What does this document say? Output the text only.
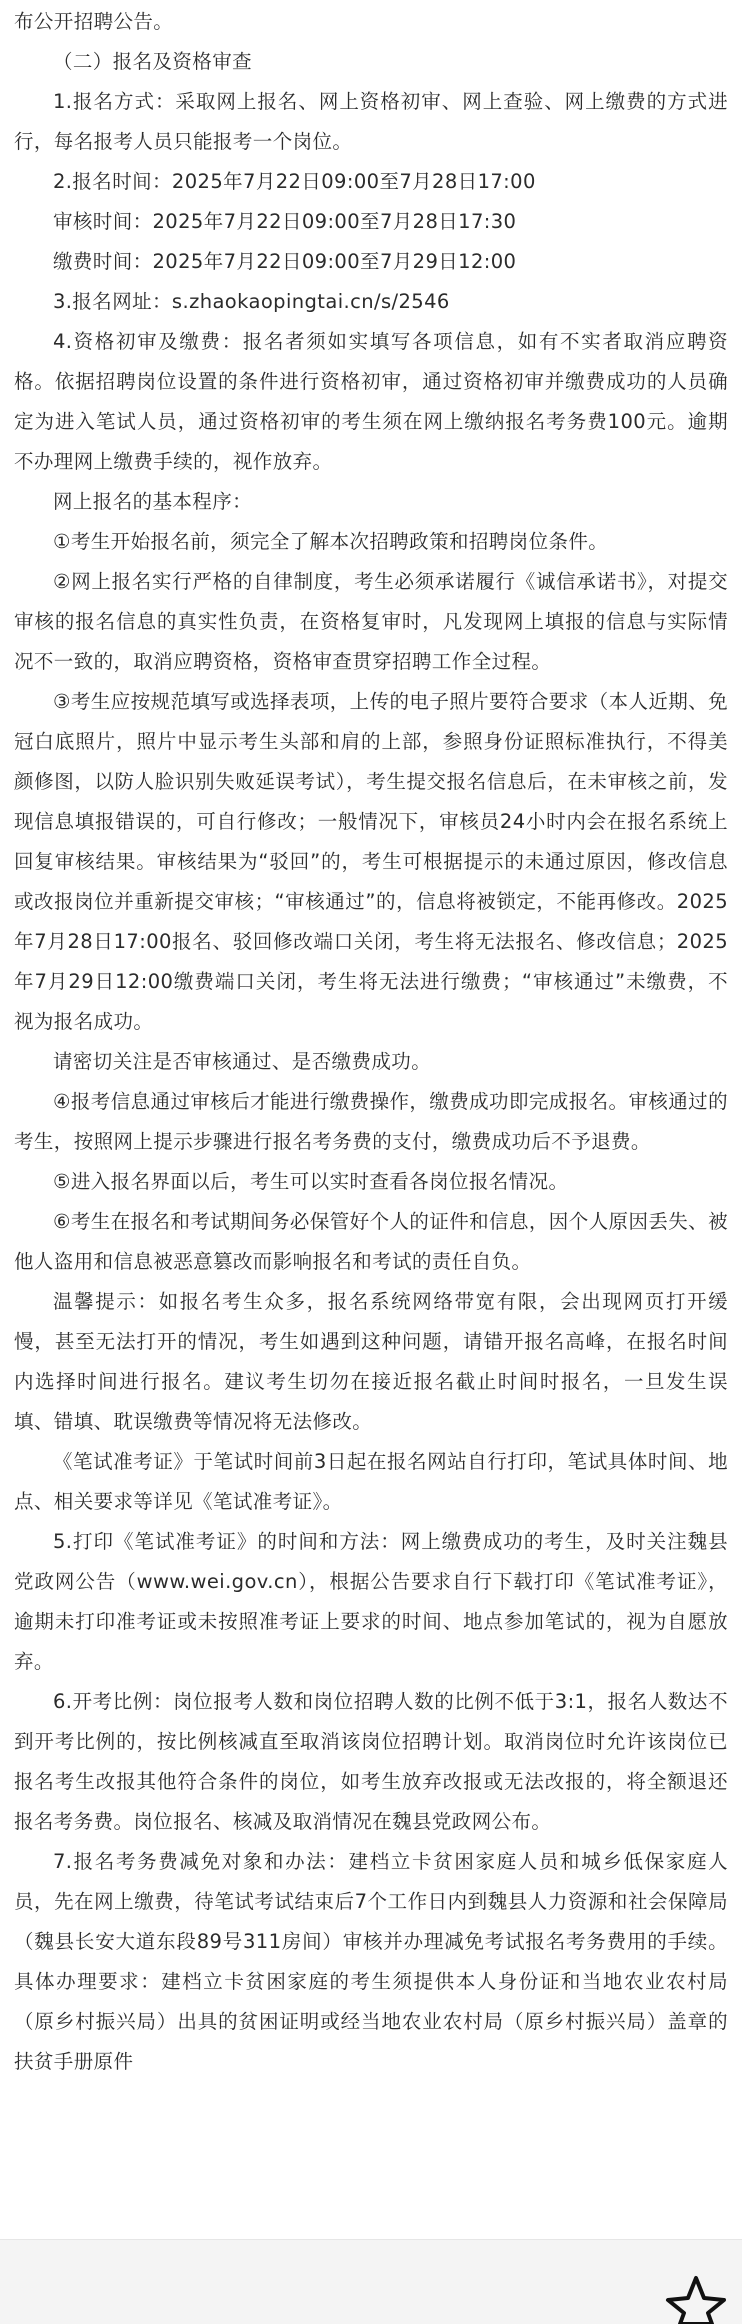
布公开招聘公告。

（二）报名及资格审查

1.报名方式：采取网上报名、网上资格初审、网上查验、网上缴费的方式进行，每名报考人员只能报考一个岗位。

2.报名时间：2025年7月22日09:00至7月28日17:00

审核时间：2025年7月22日09:00至7月28日17:30

缴费时间：2025年7月22日09:00至7月29日12:00

3.报名网址：s.zhaokaopingtai.cn/s/2546

4.资格初审及缴费：报名者须如实填写各项信息，如有不实者取消应聘资格。依据招聘岗位设置的条件进行资格初审，通过资格初审并缴费成功的人员确定为进入笔试人员，通过资格初审的考生须在网上缴纳报名考务费100元。逾期不办理网上缴费手续的，视作放弃。

网上报名的基本程序：

①考生开始报名前，须完全了解本次招聘政策和招聘岗位条件。

②网上报名实行严格的自律制度，考生必须承诺履行《诚信承诺书》，对提交审核的报名信息的真实性负责，在资格复审时，凡发现网上填报的信息与实际情况不一致的，取消应聘资格，资格审查贯穿招聘工作全过程。

③考生应按规范填写或选择表项，上传的电子照片要符合要求（本人近期、免冠白底照片，照片中显示考生头部和肩的上部，参照身份证照标准执行，不得美颜修图，以防人脸识别失败延误考试），考生提交报名信息后，在未审核之前，发现信息填报错误的，可自行修改；一般情况下，审核员24小时内会在报名系统上回复审核结果。审核结果为“驳回”的，考生可根据提示的未通过原因，修改信息或改报岗位并重新提交审核；“审核通过”的，信息将被锁定，不能再修改。2025年7月28日17:00报名、驳回修改端口关闭，考生将无法报名、修改信息；2025年7月29日12:00缴费端口关闭，考生将无法进行缴费；“审核通过”未缴费，不视为报名成功。

请密切关注是否审核通过、是否缴费成功。

④报考信息通过审核后才能进行缴费操作，缴费成功即完成报名。审核通过的考生，按照网上提示步骤进行报名考务费的支付，缴费成功后不予退费。

⑤进入报名界面以后，考生可以实时查看各岗位报名情况。

⑥考生在报名和考试期间务必保管好个人的证件和信息，因个人原因丢失、被他人盗用和信息被恶意篡改而影响报名和考试的责任自负。

温馨提示：如报名考生众多，报名系统网络带宽有限，会出现网页打开缓慢，甚至无法打开的情况，考生如遇到这种问题，请错开报名高峰，在报名时间内选择时间进行报名。建议考生切勿在接近报名截止时间时报名，一旦发生误填、错填、耽误缴费等情况将无法修改。

《笔试准考证》于笔试时间前3日起在报名网站自行打印，笔试具体时间、地点、相关要求等详见《笔试准考证》。

5.打印《笔试准考证》的时间和方法：网上缴费成功的考生，及时关注魏县党政网公告（www.wei.gov.cn），根据公告要求自行下载打印《笔试准考证》，逾期未打印准考证或未按照准考证上要求的时间、地点参加笔试的，视为自愿放弃。

6.开考比例：岗位报考人数和岗位招聘人数的比例不低于3:1，报名人数达不到开考比例的，按比例核减直至取消该岗位招聘计划。取消岗位时允许该岗位已报名考生改报其他符合条件的岗位，如考生放弃改报或无法改报的，将全额退还报名考务费。岗位报名、核减及取消情况在魏县党政网公布。

7.报名考务费减免对象和办法：建档立卡贫困家庭人员和城乡低保家庭人员，先在网上缴费，待笔试考试结束后7个工作日内到魏县人力资源和社会保障局（魏县长安大道东段89号311房间）审核并办理减免考试报名考务费用的手续。具体办理要求：建档立卡贫困家庭的考生须提供本人身份证和当地农业农村局（原乡村振兴局）出具的贫困证明或经当地农业农村局（原乡村振兴局）盖章的扶贫手册原件
